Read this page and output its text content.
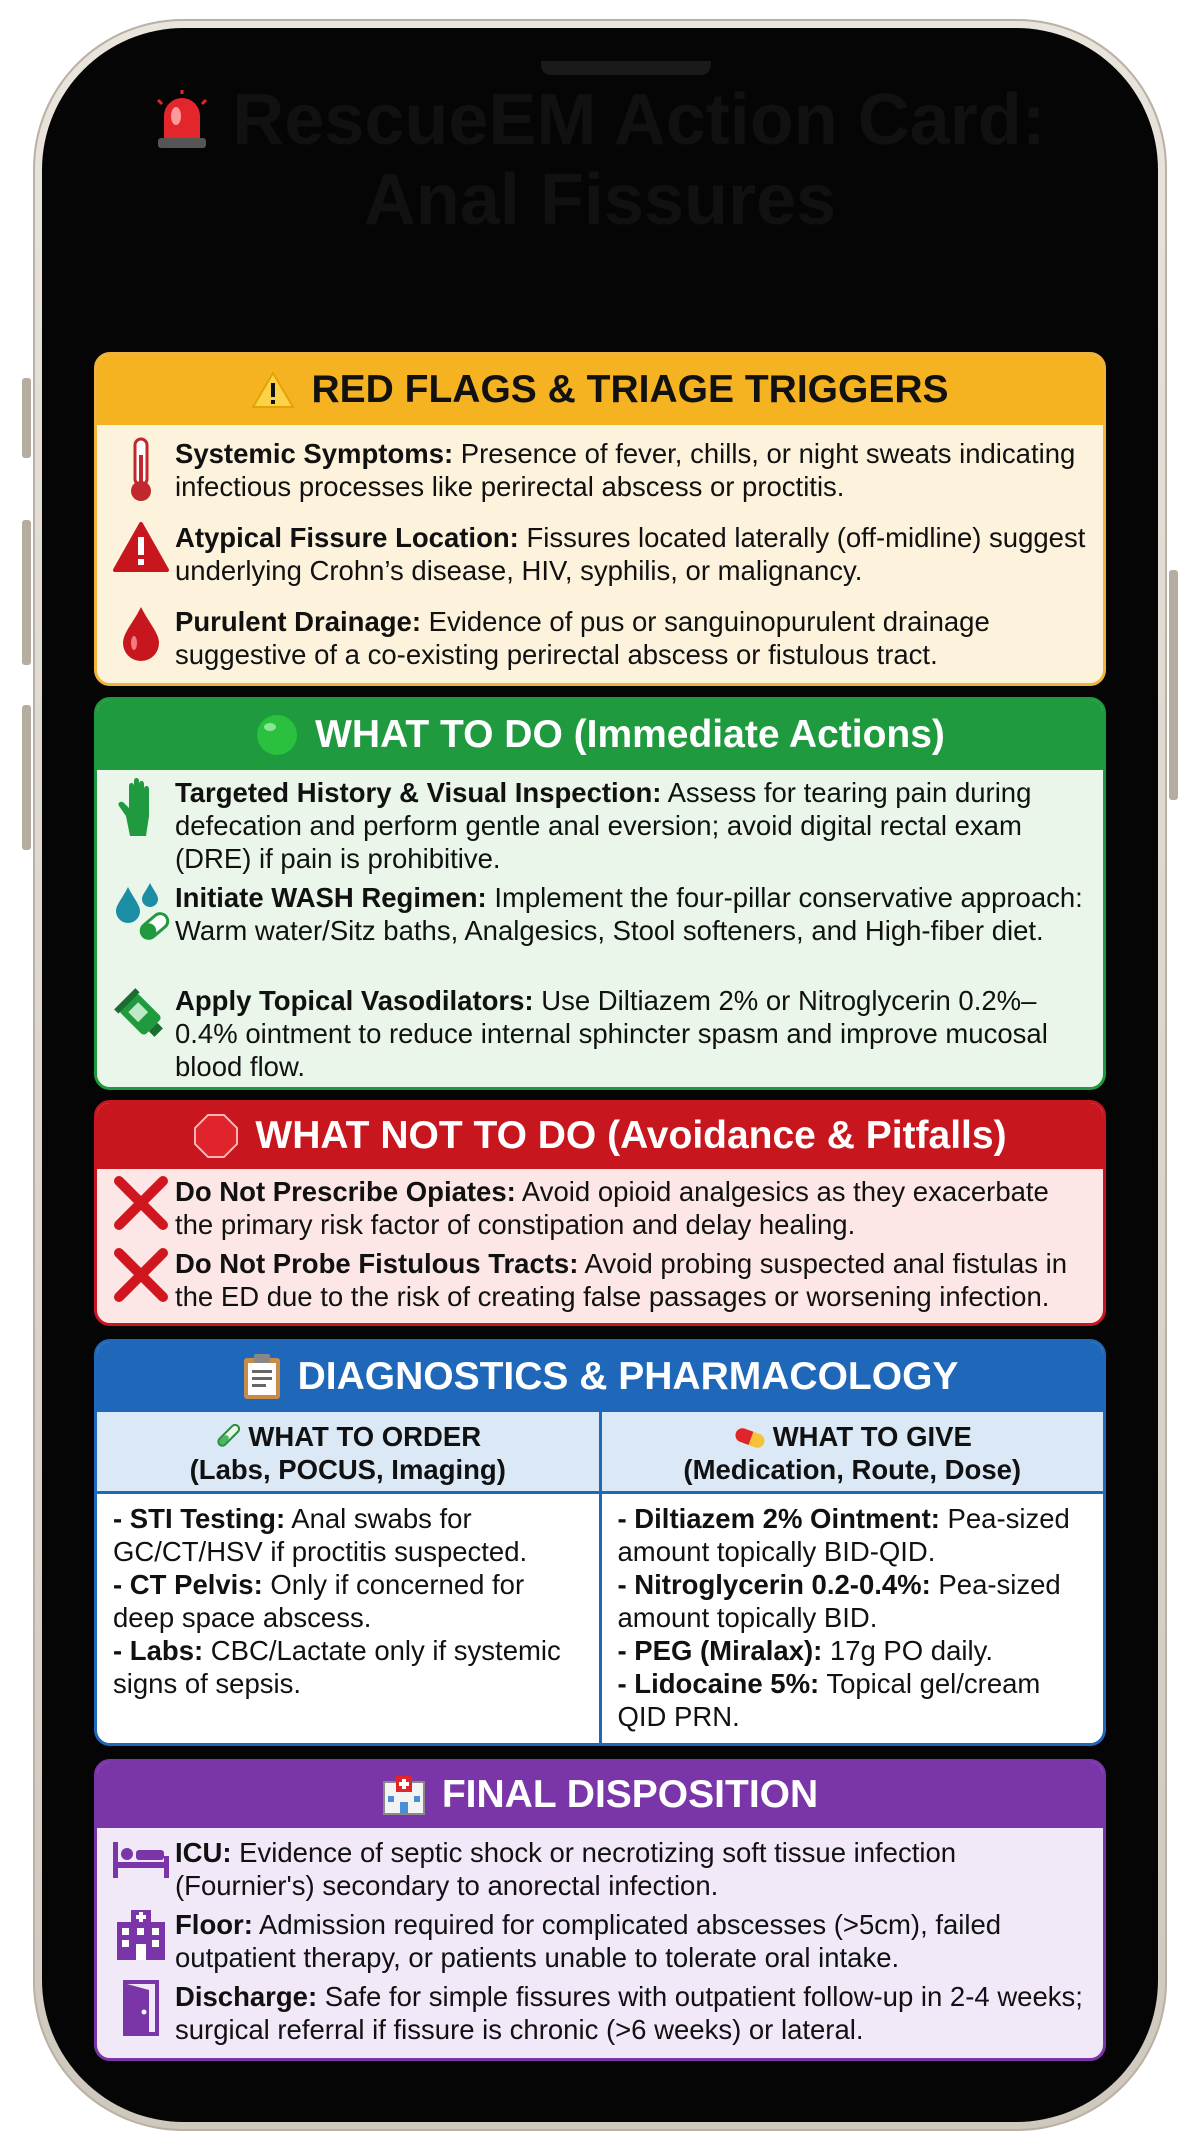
RescueEM Action Card:
Anal Fissures
RED FLAGS & TRIAGE TRIGGERS
Systemic Symptoms: Presence of fever, chills, or night sweats indicating infectious processes like perirectal abscess or proctitis.
Atypical Fissure Location: Fissures located laterally (off-midline) suggest underlying Crohn’s disease, HIV, syphilis, or malignancy.
Purulent Drainage: Evidence of pus or sanguinopurulent drainage suggestive of a co-existing perirectal abscess or fistulous tract.
WHAT TO DO (Immediate Actions)
Targeted History & Visual Inspection: Assess for tearing pain during defecation and perform gentle anal eversion; avoid digital rectal exam (DRE) if pain is prohibitive.
Initiate WASH Regimen: Implement the four-pillar conservative approach: Warm water/Sitz baths, Analgesics, Stool softeners, and High-fiber diet.
Apply Topical Vasodilators: Use Diltiazem 2% or Nitroglycerin 0.2%–0.4% ointment to reduce internal sphincter spasm and improve mucosal blood flow.
WHAT NOT TO DO (Avoidance & Pitfalls)
Do Not Prescribe Opiates: Avoid opioid analgesics as they exacerbate the primary risk factor of constipation and delay healing.
Do Not Probe Fistulous Tracts: Avoid probing suspected anal fistulas in the ED due to the risk of creating false passages or worsening infection.
DIAGNOSTICS & PHARMACOLOGY
WHAT TO ORDER
(Labs, POCUS, Imaging)
- STI Testing: Anal swabs for GC/CT/HSV if proctitis suspected.
- CT Pelvis: Only if concerned for deep space abscess.
- Labs: CBC/Lactate only if systemic signs of sepsis.
WHAT TO GIVE
(Medication, Route, Dose)
- Diltiazem 2% Ointment: Pea-sized amount topically BID-QID.
- Nitroglycerin 0.2-0.4%: Pea-sized amount topically BID.
- PEG (Miralax): 17g PO daily.
- Lidocaine 5%: Topical gel/cream QID PRN.
FINAL DISPOSITION
ICU: Evidence of septic shock or necrotizing soft tissue infection (Fournier's) secondary to anorectal infection.
Floor: Admission required for complicated abscesses (>5cm), failed outpatient therapy, or patients unable to tolerate oral intake.
Discharge: Safe for simple fissures with outpatient follow-up in 2-4 weeks; surgical referral if fissure is chronic (>6 weeks) or lateral.
